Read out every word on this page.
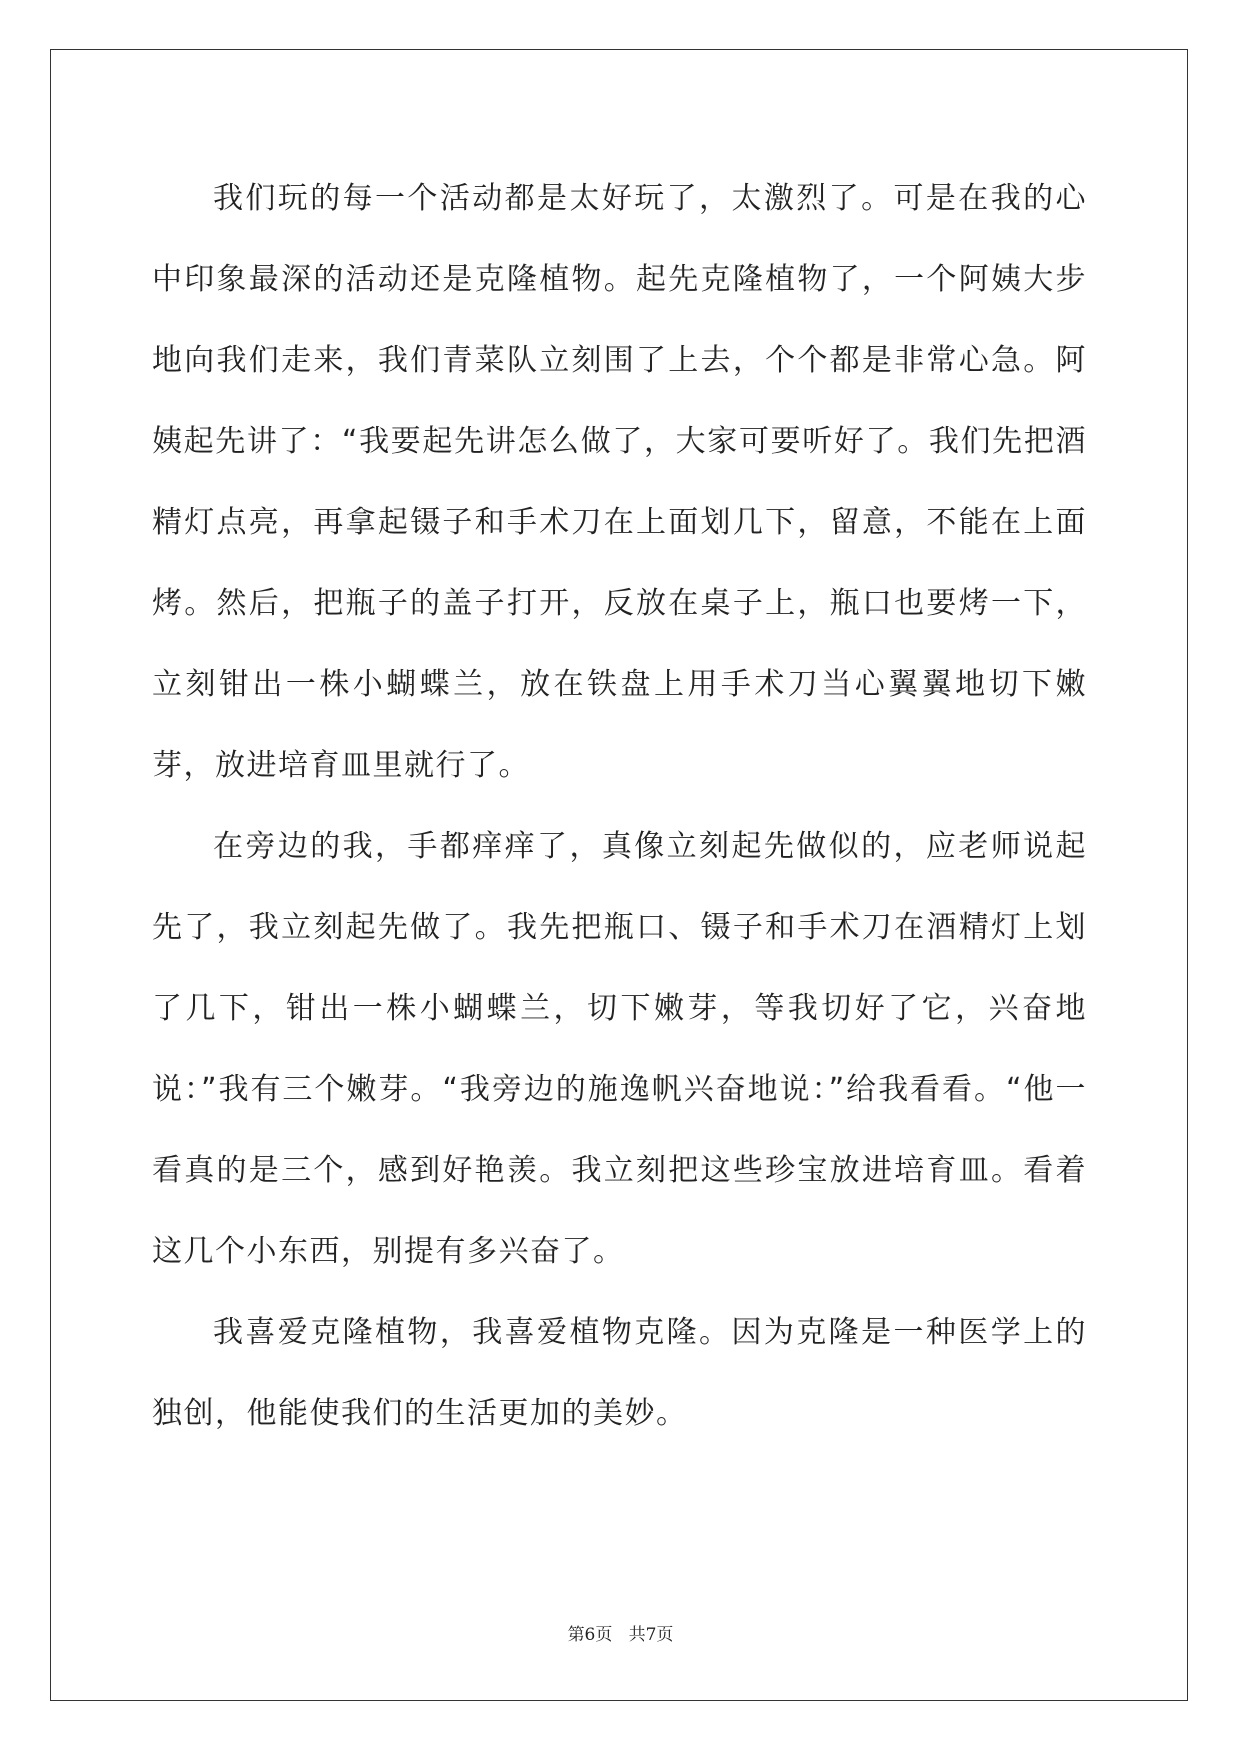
我们玩的每一个活动都是太好玩了，太激烈了。可是在我的心中印象最深的活动还是克隆植物。起先克隆植物了，一个阿姨大步地向我们走来，我们青菜队立刻围了上去，个个都是非常心急。阿姨起先讲了：“我要起先讲怎么做了，大家可要听好了。我们先把酒精灯点亮，再拿起镊子和手术刀在上面划几下，留意，不能在上面烤。然后，把瓶子的盖子打开，反放在桌子上，瓶口也要烤一下，立刻钳出一株小蝴蝶兰，放在铁盘上用手术刀当心翼翼地切下嫩芽，放进培育皿里就行了。

在旁边的我，手都痒痒了，真像立刻起先做似的，应老师说起先了，我立刻起先做了。我先把瓶口、镊子和手术刀在酒精灯上划了几下，钳出一株小蝴蝶兰，切下嫩芽，等我切好了它，兴奋地说：”我有三个嫩芽。“我旁边的施逸帆兴奋地说：”给我看看。“他一看真的是三个，感到好艳羡。我立刻把这些珍宝放进培育皿。看着这几个小东西，别提有多兴奋了。

我喜爱克隆植物，我喜爱植物克隆。因为克隆是一种医学上的独创，他能使我们的生活更加的美妙。

第6页 共7页
